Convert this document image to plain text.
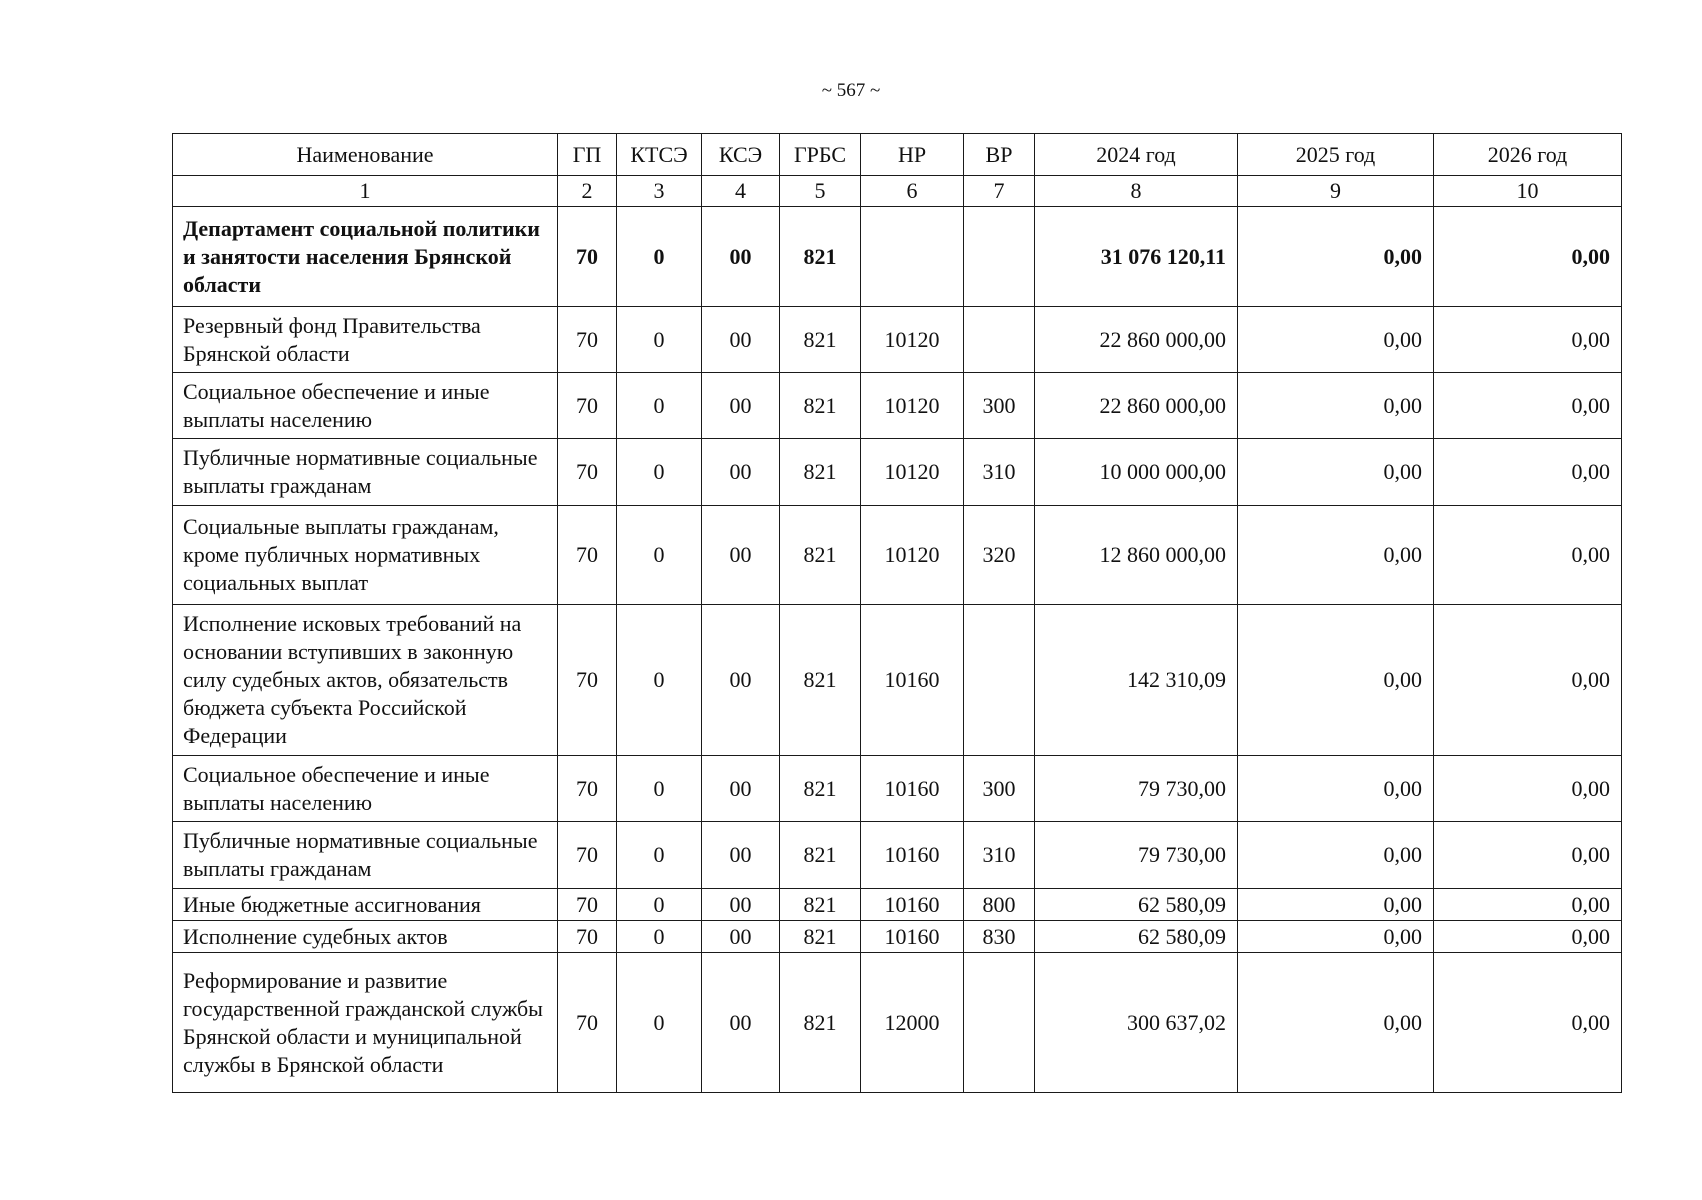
~ 567 ~
Наименование	ГП	КТСЭ	КСЭ	ГРБС	НР	ВР	2024 год	2025 год	2026 год
1	2	3	4	5	6	7	8	9	10
Департамент социальной политики и занятости населения Брянской области	70	0	00	821			31 076 120,11	0,00	0,00
Резервный фонд Правительства Брянской области	70	0	00	821	10120		22 860 000,00	0,00	0,00
Социальное обеспечение и иные выплаты населению	70	0	00	821	10120	300	22 860 000,00	0,00	0,00
Публичные нормативные социальные выплаты гражданам	70	0	00	821	10120	310	10 000 000,00	0,00	0,00
Социальные выплаты гражданам, кроме публичных нормативных социальных выплат	70	0	00	821	10120	320	12 860 000,00	0,00	0,00
Исполнение исковых требований на основании вступивших в законную силу судебных актов, обязательств бюджета субъекта Российской Федерации	70	0	00	821	10160		142 310,09	0,00	0,00
Социальное обеспечение и иные выплаты населению	70	0	00	821	10160	300	79 730,00	0,00	0,00
Публичные нормативные социальные выплаты гражданам	70	0	00	821	10160	310	79 730,00	0,00	0,00
Иные бюджетные ассигнования	70	0	00	821	10160	800	62 580,09	0,00	0,00
Исполнение судебных актов	70	0	00	821	10160	830	62 580,09	0,00	0,00
Реформирование и развитие государственной гражданской службы Брянской области и муниципальной службы в Брянской области	70	0	00	821	12000		300 637,02	0,00	0,00
